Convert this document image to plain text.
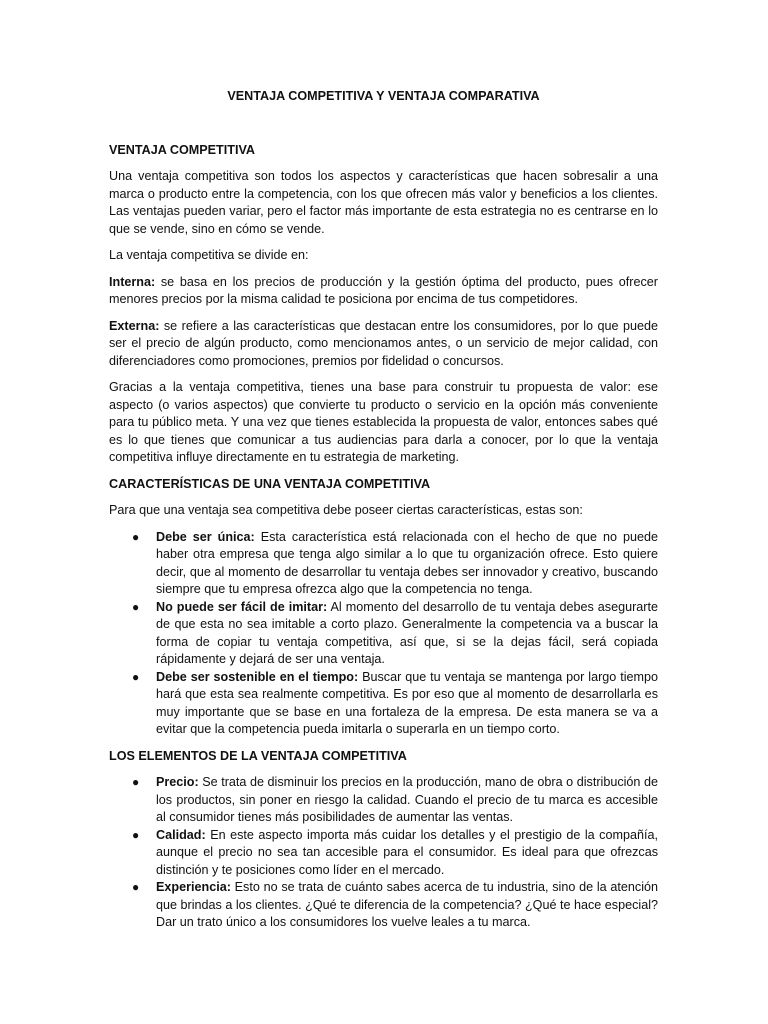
VENTAJA COMPETITIVA Y VENTAJA COMPARATIVA
VENTAJA COMPETITIVA

Una ventaja competitiva son todos los aspectos y características que hacen sobresalir a una marca o producto entre la competencia, con los que ofrecen más valor y beneficios a los clientes. Las ventajas pueden variar, pero el factor más importante de esta estrategia no es centrarse en lo que se vende, sino en cómo se vende.

La ventaja competitiva se divide en:

Interna: se basa en los precios de producción y la gestión óptima del producto, pues ofrecer menores precios por la misma calidad te posiciona por encima de tus competidores.

Externa: se refiere a las características que destacan entre los consumidores, por lo que puede ser el precio de algún producto, como mencionamos antes, o un servicio de mejor calidad, con diferenciadores como promociones, premios por fidelidad o concursos.

Gracias a la ventaja competitiva, tienes una base para construir tu propuesta de valor: ese aspecto (o varios aspectos) que convierte tu producto o servicio en la opción más conveniente para tu público meta. Y una vez que tienes establecida la propuesta de valor, entonces sabes qué es lo que tienes que comunicar a tus audiencias para darla a conocer, por lo que la ventaja competitiva influye directamente en tu estrategia de marketing.

CARACTERÍSTICAS DE UNA VENTAJA COMPETITIVA

Para que una ventaja sea competitiva debe poseer ciertas características, estas son:

● Debe ser única: Esta característica está relacionada con el hecho de que no puede haber otra empresa que tenga algo similar a lo que tu organización ofrece. Esto quiere decir, que al momento de desarrollar tu ventaja debes ser innovador y creativo, buscando siempre que tu empresa ofrezca algo que la competencia no tenga.
● No puede ser fácil de imitar: Al momento del desarrollo de tu ventaja debes asegurarte de que esta no sea imitable a corto plazo. Generalmente la competencia va a buscar la forma de copiar tu ventaja competitiva, así que, si se la dejas fácil, será copiada rápidamente y dejará de ser una ventaja.
● Debe ser sostenible en el tiempo: Buscar que tu ventaja se mantenga por largo tiempo hará que esta sea realmente competitiva. Es por eso que al momento de desarrollarla es muy importante que se base en una fortaleza de la empresa. De esta manera se va a evitar que la competencia pueda imitarla o superarla en un tiempo corto.
LOS ELEMENTOS DE LA VENTAJA COMPETITIVA
● Precio: Se trata de disminuir los precios en la producción, mano de obra o distribución de los productos, sin poner en riesgo la calidad. Cuando el precio de tu marca es accesible al consumidor tienes más posibilidades de aumentar las ventas.
● Calidad: En este aspecto importa más cuidar los detalles y el prestigio de la compañía, aunque el precio no sea tan accesible para el consumidor. Es ideal para que ofrezcas distinción y te posiciones como líder en el mercado.
● Experiencia: Esto no se trata de cuánto sabes acerca de tu industria, sino de la atención que brindas a los clientes. ¿Qué te diferencia de la competencia? ¿Qué te hace especial? Dar un trato único a los consumidores los vuelve leales a tu marca.
